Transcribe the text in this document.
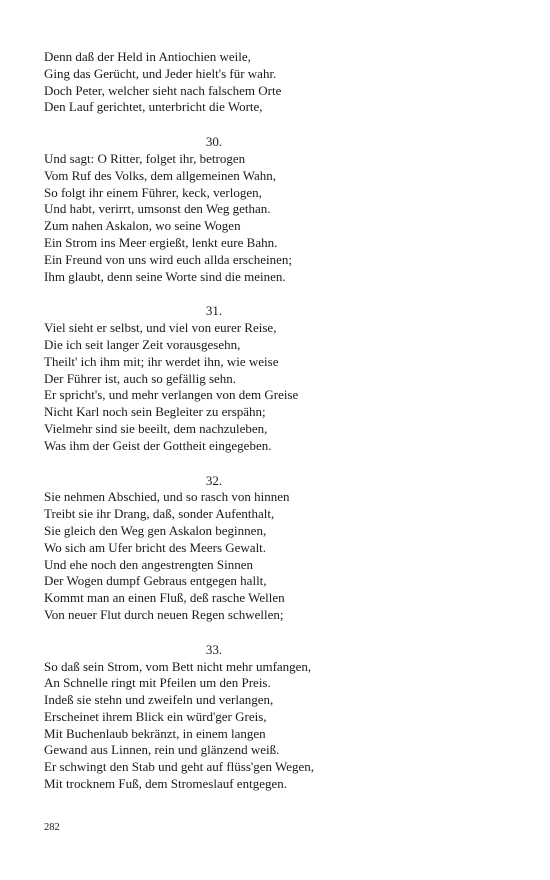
Denn daß der Held in Antiochien weile,

Ging das Gerücht, und Jeder hielt's für wahr.

Doch Peter, welcher sieht nach falschem Orte

Den Lauf gerichtet, unterbricht die Worte,

30.

Und sagt: O Ritter, folget ihr, betrogen

Vom Ruf des Volks, dem allgemeinen Wahn,

So folgt ihr einem Führer, keck, verlogen,

Und habt, verirrt, umsonst den Weg gethan.

Zum nahen Askalon, wo seine Wogen

Ein Strom ins Meer ergießt, lenkt eure Bahn.

Ein Freund von uns wird euch allda erscheinen;

Ihm glaubt, denn seine Worte sind die meinen.

31.

Viel sieht er selbst, und viel von eurer Reise,

Die ich seit langer Zeit vorausgesehn,

Theilt' ich ihm mit; ihr werdet ihn, wie weise

Der Führer ist, auch so gefällig sehn.

Er spricht's, und mehr verlangen von dem Greise

Nicht Karl noch sein Begleiter zu erspähn;

Vielmehr sind sie beeilt, dem nachzuleben,

Was ihm der Geist der Gottheit eingegeben.

32.

Sie nehmen Abschied, und so rasch von hinnen

Treibt sie ihr Drang, daß, sonder Aufenthalt,

Sie gleich den Weg gen Askalon beginnen,

Wo sich am Ufer bricht des Meers Gewalt.

Und ehe noch den angestrengten Sinnen

Der Wogen dumpf Gebraus entgegen hallt,

Kommt man an einen Fluß, deß rasche Wellen

Von neuer Flut durch neuen Regen schwellen;

33.

So daß sein Strom, vom Bett nicht mehr umfangen,

An Schnelle ringt mit Pfeilen um den Preis.

Indeß sie stehn und zweifeln und verlangen,

Erscheinet ihrem Blick ein würd'ger Greis,

Mit Buchenlaub bekränzt, in einem langen

Gewand aus Linnen, rein und glänzend weiß.

Er schwingt den Stab und geht auf flüss'gen Wegen,

Mit trocknem Fuß, dem Stromeslauf entgegen.

282
